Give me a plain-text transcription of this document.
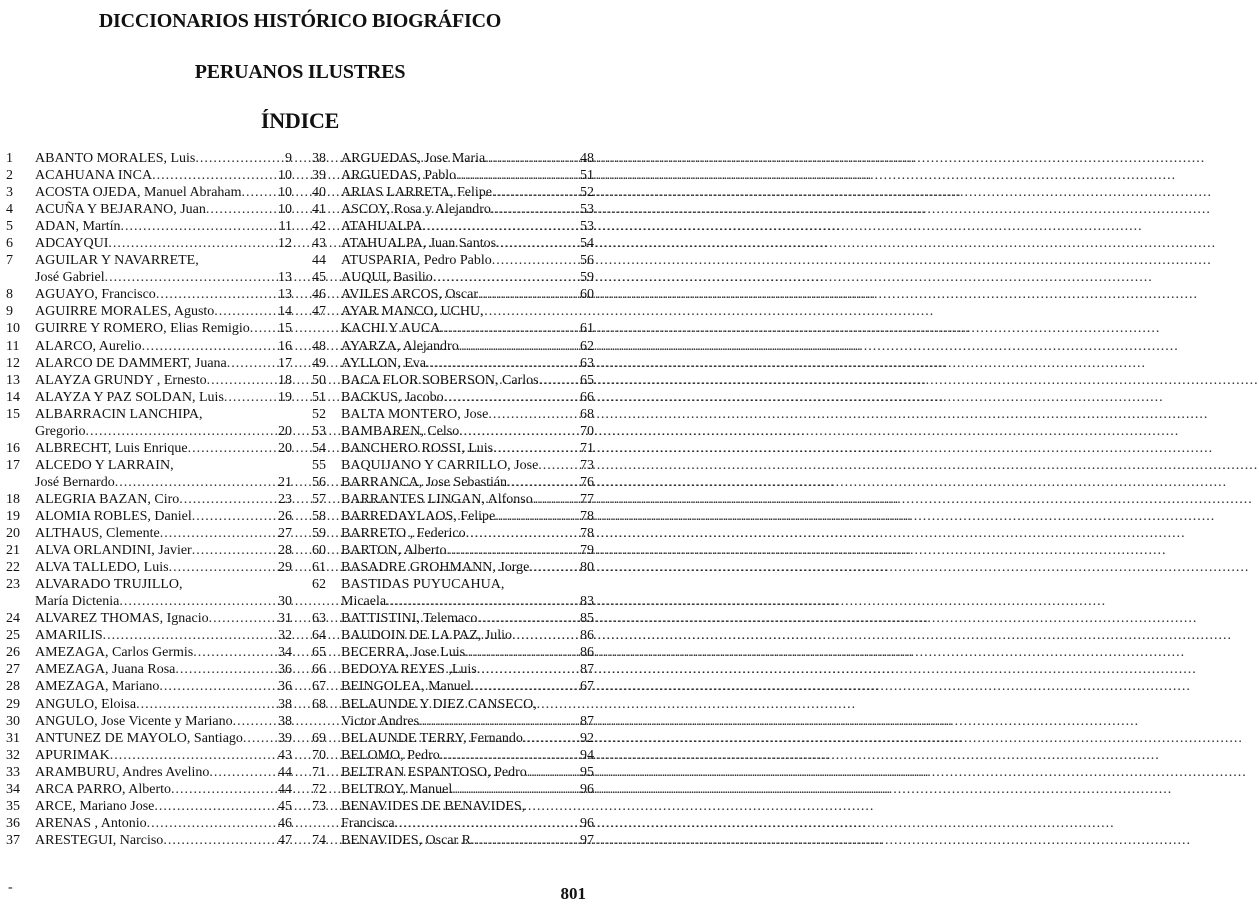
DICCIONARIOS HISTÓRICO BIOGRÁFICO
PERUANOS ILUSTRES
ÍNDICE
1	ABANTO MORALES, Luis .....	9
2	ACAHUANA INCA .....	10
3	ACOSTA OJEDA, Manuel Abraham .....	10
4	ACUÑA Y BEJARANO, Juan .....	10
5	ADAN, Martín .....	11
6	ADCAYQUI .....	12
7	AGUILAR Y NAVARRETE,
José Gabriel .....	13
8	AGUAYO, Francisco .....	13
9	AGUIRRE MORALES, Agusto .....	14
10	GUIRRE Y ROMERO, Elias Remigio ..... 15
11	ALARCO, Aurelio .....	16
12	ALARCO DE DAMMERT, Juana .....	17
13	ALAYZA GRUNDY , Ernesto .....	18
14	ALAYZA Y PAZ SOLDAN, Luis .....	19
15	ALBARRACIN LANCHIPA,
Gregorio .....	20
16	ALBRECHT, Luis Enrique .....	20
17	ALCEDO Y LARRAIN,
José Bernardo .....	21
18	ALEGRIA BAZAN, Ciro .....	23
19	ALOMIA ROBLES, Daniel .....	26
20	ALTHAUS, Clemente .....	27
21	ALVA ORLANDINI, Javier .....	28
22	ALVA TALLEDO, Luis .....	29
23	ALVARADO TRUJILLO,
María Dictenia .....	30
24	ALVAREZ THOMAS, Ignacio .....	31
25	AMARILIS .....	32
26	AMEZAGA, Carlos Germis .....	34
27	AMEZAGA, Juana Rosa .....	36
28	AMEZAGA, Mariano .....	36
29	ANGULO, Eloisa .....	38
30	ANGULO, Jose Vicente y Mariano .....	38
31	ANTUNEZ DE MAYOLO, Santiago .....	39
32	APURIMAK .....	43
33	ARAMBURU, Andres Avelino .....	44
34	ARCA PARRO, Alberto .....	44
35	ARCE, Mariano Jose .....	45
36	ARENAS , Antonio .....	46
37	ARESTEGUI, Narciso .....	47
38	ARGUEDAS, Jose Maria .....	48
39	ARGUEDAS, Pablo .....	51
40	ARIAS LARRETA, Felipe .....	52
41	ASCOY, Rosa y Alejandro .....	53
42	ATAHUALPA .....	53
43	ATAHUALPA, Juan Santos .....	54
44	ATUSPARIA, Pedro Pablo .....	56
45	AUQUI, Basilio .....	59
46	AVILES ARCOS, Oscar .....	60
47	AYAR MANCO, UCHU,
KACHI Y AUCA .....	61
48	AYARZA, Alejandro .....	62
49	AYLLON, Eva .....	63
50	BACA FLOR SOBERSON, Carlos .....	65
51	BACKUS, Jacobo .....	66
52	BALTA MONTERO, Jose .....	68
53	BAMBAREN, Celso .....	70
54	BANCHERO ROSSI, Luis .....	71
55	BAQUIJANO Y CARRILLO, Jose .....	73
56	BARRANCA, Jose Sebastián .....	76
57	BARRANTES LINGAN, Alfonso .....	77
58	BARREDAYLAOS, Felipe .....	78
59	BARRETO , Federico .....	78
60	BARTON, Alberto .....	79
61	BASADRE GROHMANN, Jorge .....	80
62	BASTIDAS PUYUCAHUA,
Micaela .....	83
63	BATTISTINI, Telemaco .....	85
64	BAUDOIN DE LA PAZ, Julio .....	86
65	BECERRA, Jose Luis .....	86
66	BEDOYA REYES ,Luis .....	87
67	BEINGOLEA, Manuel .....	67
68	BELAUNDE Y DIEZ CANSECO,
Victor Andres .....	87
69	BELAUNDE TERRY, Fernando .....	92
70	BELOMO, Pedro .....	94
71	BELTRAN ESPANTOSO, Pedro .....	95
72	BELTROY, Manuel .....	96
73	BENAVIDES DE BENAVIDES,
Francisca .....	96
74	BENAVIDES, Oscar R .....	97
-	801
